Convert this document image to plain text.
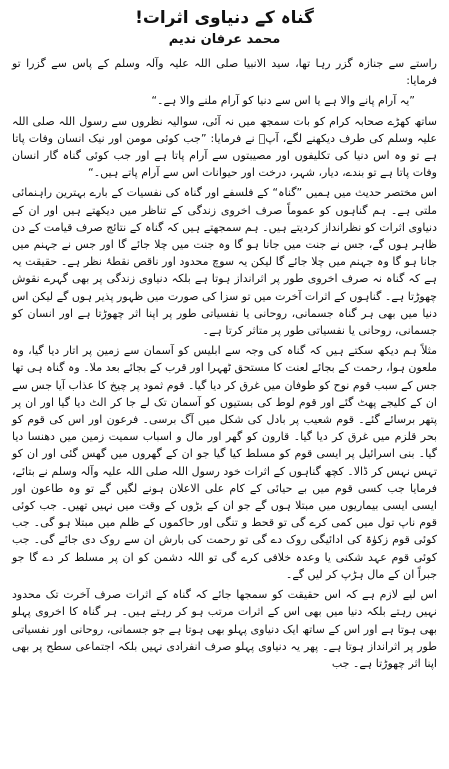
گناہ کے دنیاوی اثرات!
محمد عرفان ندیم

راستے سے جنازہ گزر رہا تھا، سید الانبیا صلی اللہ علیہ وآلہ وسلم کے پاس سے گزرا تو فرمایا:

”یہ آرام پانے والا ہے یا اس سے دنیا کو آرام ملنے والا ہے۔“

ساتھ کھڑے صحابہ کرام کو بات سمجھ میں نہ آئی، سوالیہ نظروں سے رسول اللہ صلی اللہ علیہ وسلم کی طرف دیکھنے لگے، آپؐ نے فرمایا: ”جب کوئی مومن اور نیک انسان وفات پاتا ہے تو وہ اس دنیا کی تکلیفوں اور مصیبتوں سے آرام پاتا ہے اور جب کوئی گناہ گار انسان وفات پاتا ہے تو بندے، دیار، شہر، درخت اور حیوانات اس سے آرام پاتے ہیں۔“

اس مختصر حدیث میں ہمیں ”گناہ“ کے فلسفے اور گناہ کی نفسیات کے بارے بہترین راہنمائی ملتی ہے۔ ہم گناہوں کو عموماً صرف اخروی زندگی کے تناظر میں دیکھتے ہیں اور ان کے دنیاوی اثرات کو نظرانداز کردیتے ہیں۔ ہم سمجھتے ہیں کہ گناہ کے نتائج صرف قیامت کے دن ظاہر ہوں گے، جس نے جنت میں جانا ہو گا وہ جنت میں چلا جائے گا اور جس نے جہنم میں جانا ہو گا وہ جہنم میں چلا جائے گا لیکن یہ سوچ محدود اور ناقص نقطۂ نظر ہے۔ حقیقت یہ ہے کہ گناہ نہ صرف اخروی طور پر اثرانداز ہوتا ہے بلکہ دنیاوی زندگی پر بھی گہرے نقوش چھوڑتا ہے۔ گناہوں کے اثرات آخرت میں تو سزا کی صورت میں ظہور پذیر ہوں گے لیکن اس دنیا میں بھی ہر گناہ جسمانی، روحانی یا نفسیاتی طور پر اپنا اثر چھوڑتا ہے اور انسان کو جسمانی، روحانی یا نفسیاتی طور پر متاثر کرتا ہے۔

مثلاً ہم دیکھ سکتے ہیں کہ گناہ کی وجہ سے ابلیس کو آسمان سے زمین پر اتار دیا گیا، وہ ملعون ہوا، رحمت کے بجائے لعنت کا مستحق ٹھہرا اور قرب کے بجائے بعد ملا۔ وہ گناہ ہی تھا جس کے سبب قوم نوح کو طوفان میں غرق کر دیا گیا۔ قوم ثمود پر چیخ کا عذاب آیا جس سے ان کے کلیجے پھٹ گئے اور قوم لوط کی بستیوں کو آسمان تک لے جا کر الٹ دیا گیا اور ان پر پتھر برسائے گئے۔ قوم شعیب پر بادل کی شکل میں آگ برسی۔ فرعون اور اس کی قوم کو بحر قلزم میں غرق کر دیا گیا۔ قارون کو گھر اور مال و اسباب سمیت زمین میں دھنسا دیا گیا۔ بنی اسرائیل پر ایسی قوم کو مسلط کیا گیا جو ان کے گھروں میں گھس گئی اور ان کو تہس نہس کر ڈالا۔ کچھ گناہوں کے اثرات خود رسول اللہ صلی اللہ علیہ وآلہ وسلم نے بتائے، فرمایا جب کسی قوم میں بے حیائی کے کام علی الاعلان ہونے لگیں گے تو وہ طاعون اور ایسی ایسی بیماریوں میں مبتلا ہوں گے جو ان کے بڑوں کے وقت میں نہیں تھیں۔ جب کوئی قوم ناپ تول میں کمی کرے گی تو قحط و تنگی اور حاکموں کے ظلم میں مبتلا ہو گی۔ جب کوئی قوم زکوٰۃ کی ادائیگی روک دے گی تو رحمت کی بارش ان سے روک دی جائے گی۔ جب کوئی قوم عہد شکنی یا وعدہ خلافی کرے گی تو اللہ دشمن کو ان پر مسلط کر دے گا جو جبراً ان کے مال ہڑپ کر لیں گے۔

اس لیے لازم ہے کہ اس حقیقت کو سمجھا جائے کہ گناہ کے اثرات صرف آخرت تک محدود نہیں رہتے بلکہ دنیا میں بھی اس کے اثرات مرتب ہو کر رہتے ہیں۔ ہر گناہ کا اخروی پہلو بھی ہوتا ہے اور اس کے ساتھ ایک دنیاوی پہلو بھی ہوتا ہے جو جسمانی، روحانی اور نفسیاتی طور پر اثرانداز ہوتا ہے۔ پھر یہ دنیاوی پہلو صرف انفرادی نہیں بلکہ اجتماعی سطح پر بھی اپنا اثر چھوڑتا ہے۔ جب
